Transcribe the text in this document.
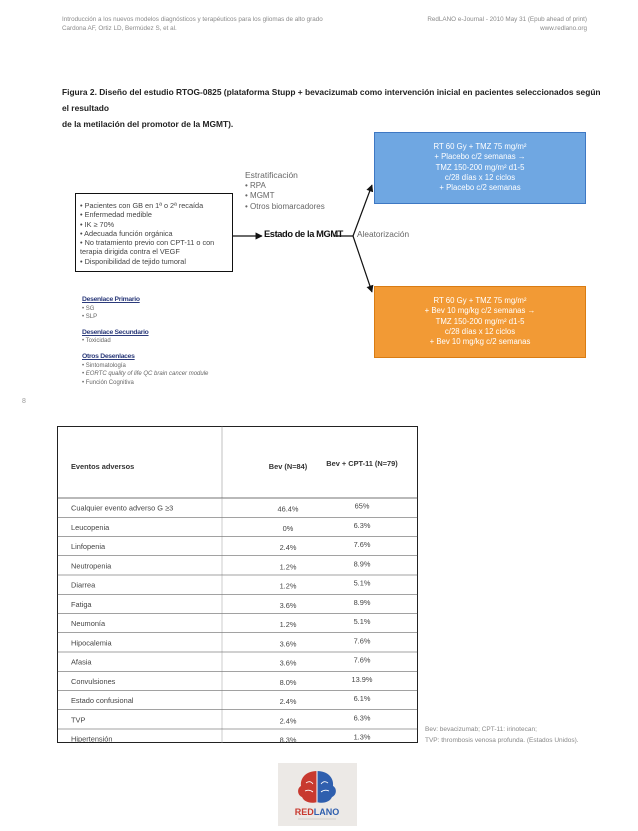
Introducción a los nuevos modelos diagnósticos y terapéuticos para los gliomas de alto grado
Cardona AF, Ortiz LD, Bermúdez S, et al.
RedLANO e-Journal - 2010 May 31 (Epub ahead of print)
www.redlano.org
Figura 2. Diseño del estudio RTOG-0825 (plataforma Stupp + bevacizumab como intervención inicial en pacientes seleccionados según el resultado
de la metilación del promotor de la MGMT).
Estratificación
• RPA
• MGMT
• Otros biomarcadores
• Pacientes con GB en 1ª o 2ª recaída
• Enfermedad medible
• IK ≥ 70%
• Adecuada función orgánica
• No tratamiento previo con CPT-11 o con
terapia dirigida contra el VEGF
• Disponibilidad de tejido tumoral
Estado de la MGMT Aleatorización
RT 60 Gy + TMZ 75 mg/m²
+ Placebo c/2 semanas →
TMZ 150-200 mg/m² d1-5
c/28 días x 12 ciclos
+ Placebo c/2 semanas
RT 60 Gy + TMZ 75 mg/m²
+ Bev 10 mg/kg c/2 semanas →
TMZ 150-200 mg/m² d1-5
c/28 días x 12 ciclos
+ Bev 10 mg/kg c/2 semanas
Desenlace Primario
• SG
• SLP
Desenlace Secundario
• Toxicidad
Otros Desenlaces
• Sintomatología
• EORTC quality of life QC brain cancer module
• Función Cognitiva
8
Eventos adversos	Bev (N=84)	Bev + CPT-11 (N=79)
Cualquier evento adverso G ≥3	46.4%	65%
Leucopenia	0%	6.3%
Linfopenia	2.4%	7.6%
Neutropenia	1.2%	8.9%
Diarrea	1.2%	5.1%
Fatiga	3.6%	8.9%
Neumonía	1.2%	5.1%
Hipocalemia	3.6%	7.6%
Afasia	3.6%	7.6%
Convulsiones	8.0%	13.9%
Estado confusional	2.4%	6.1%
TVP	2.4%	6.3%
Hipertensión	8.3%	1.3%
Bev: bevacizumab; CPT-11: irinotecan;
TVP: thrombosis venosa profunda. (Estados Unidos).
REDLANO
